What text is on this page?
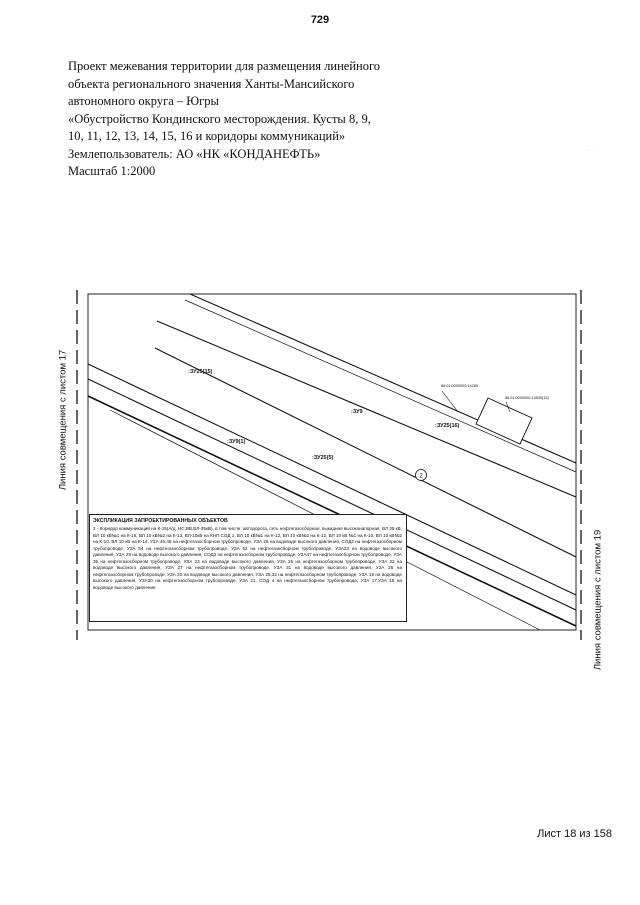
729
Проект межевания территории для размещения линейного
объекта регионального значения Ханты-Мансийского
автономного округа – Югры
«Обустройство Кондинского месторождения. Кусты 8, 9,
10, 11, 12, 13, 14, 15, 16 и коридоры коммуникаций»
Землепользователь: АО «НК «КОНДАНЕФТЬ»
Масштаб 1:2000
· ·· ·
2
:ЗУ25(15)
:ЗУ9
:ЗУ25(16)
:ЗУ9(1)
:ЗУ25(5)
86:01:0000000:14285
86:01:0000000:13839(15)
Линия совмещения с листом 17
Линия совмещения с листом 19
ЭКСПЛИКАЦИЯ ЗАПРОЕКТИРОВАННЫХ ОБЪЕКТОВ
2 - Коридор коммуникаций на К-15(А/д, НС,ВВ,ВЛ-35кВ), в том числе: автодорога, сеть нефтегазосборная, выкидная высоконапорная, ВЛ 35 кВ, ВЛ 10 кВ№1 на К-15, ВЛ 10 кВ№2 на К-13, ВЛ-10кВ на КНП СОД 1, ВЛ 10 кВ№1 на К-12, ВЛ 10 кВ№2 на К-12, ВЛ 10 кВ №1 на К-10, ВЛ 10 кВ№2 на К-10, ВЛ 10 кВ на К-14, УЗА 45,46 на нефтегазосборном трубопроводе, УЗА 28 на водоводе высокого давления, СОД3 на нефтегазосборном трубопроводе, УЗА 54 на нефтегазосборном трубопроводе, УЗА 52 на нефтегазосборном трубопроводе, УЗА33 на водоводе высокого давления, УЗА 29 на водоводе высокого давления, СОД3 на нефтегазосборном трубопроводе, УЗА47 на нефтегазосборном трубопроводе, УЗА 35 на нефтегазосборном трубопроводе, УЗА 23 на водоводе высокого давления, УЗА 26 на нефтегазосборном трубопроводе, УЗА 22 на водоводе высокого давления, УЗА 27 на нефтегазосборном трубопроводе, УЗА 31 на водоводе высокого давления, УЗА 26 на нефтегазосборном трубопроводе, УЗА 20 на водоводе высокого давления, УЗА 25,32 на нефтегазосборном трубопроводе, УЗА 19 на водоводе высокого давления, УЗА30 на нефтегазосборном трубопроводе, УЗА 21, СОД 4 на нефтегазосборном трубопроводе, УЗА 17,УЗА 18 на водоводе высокого давления
Лист 18 из 158
